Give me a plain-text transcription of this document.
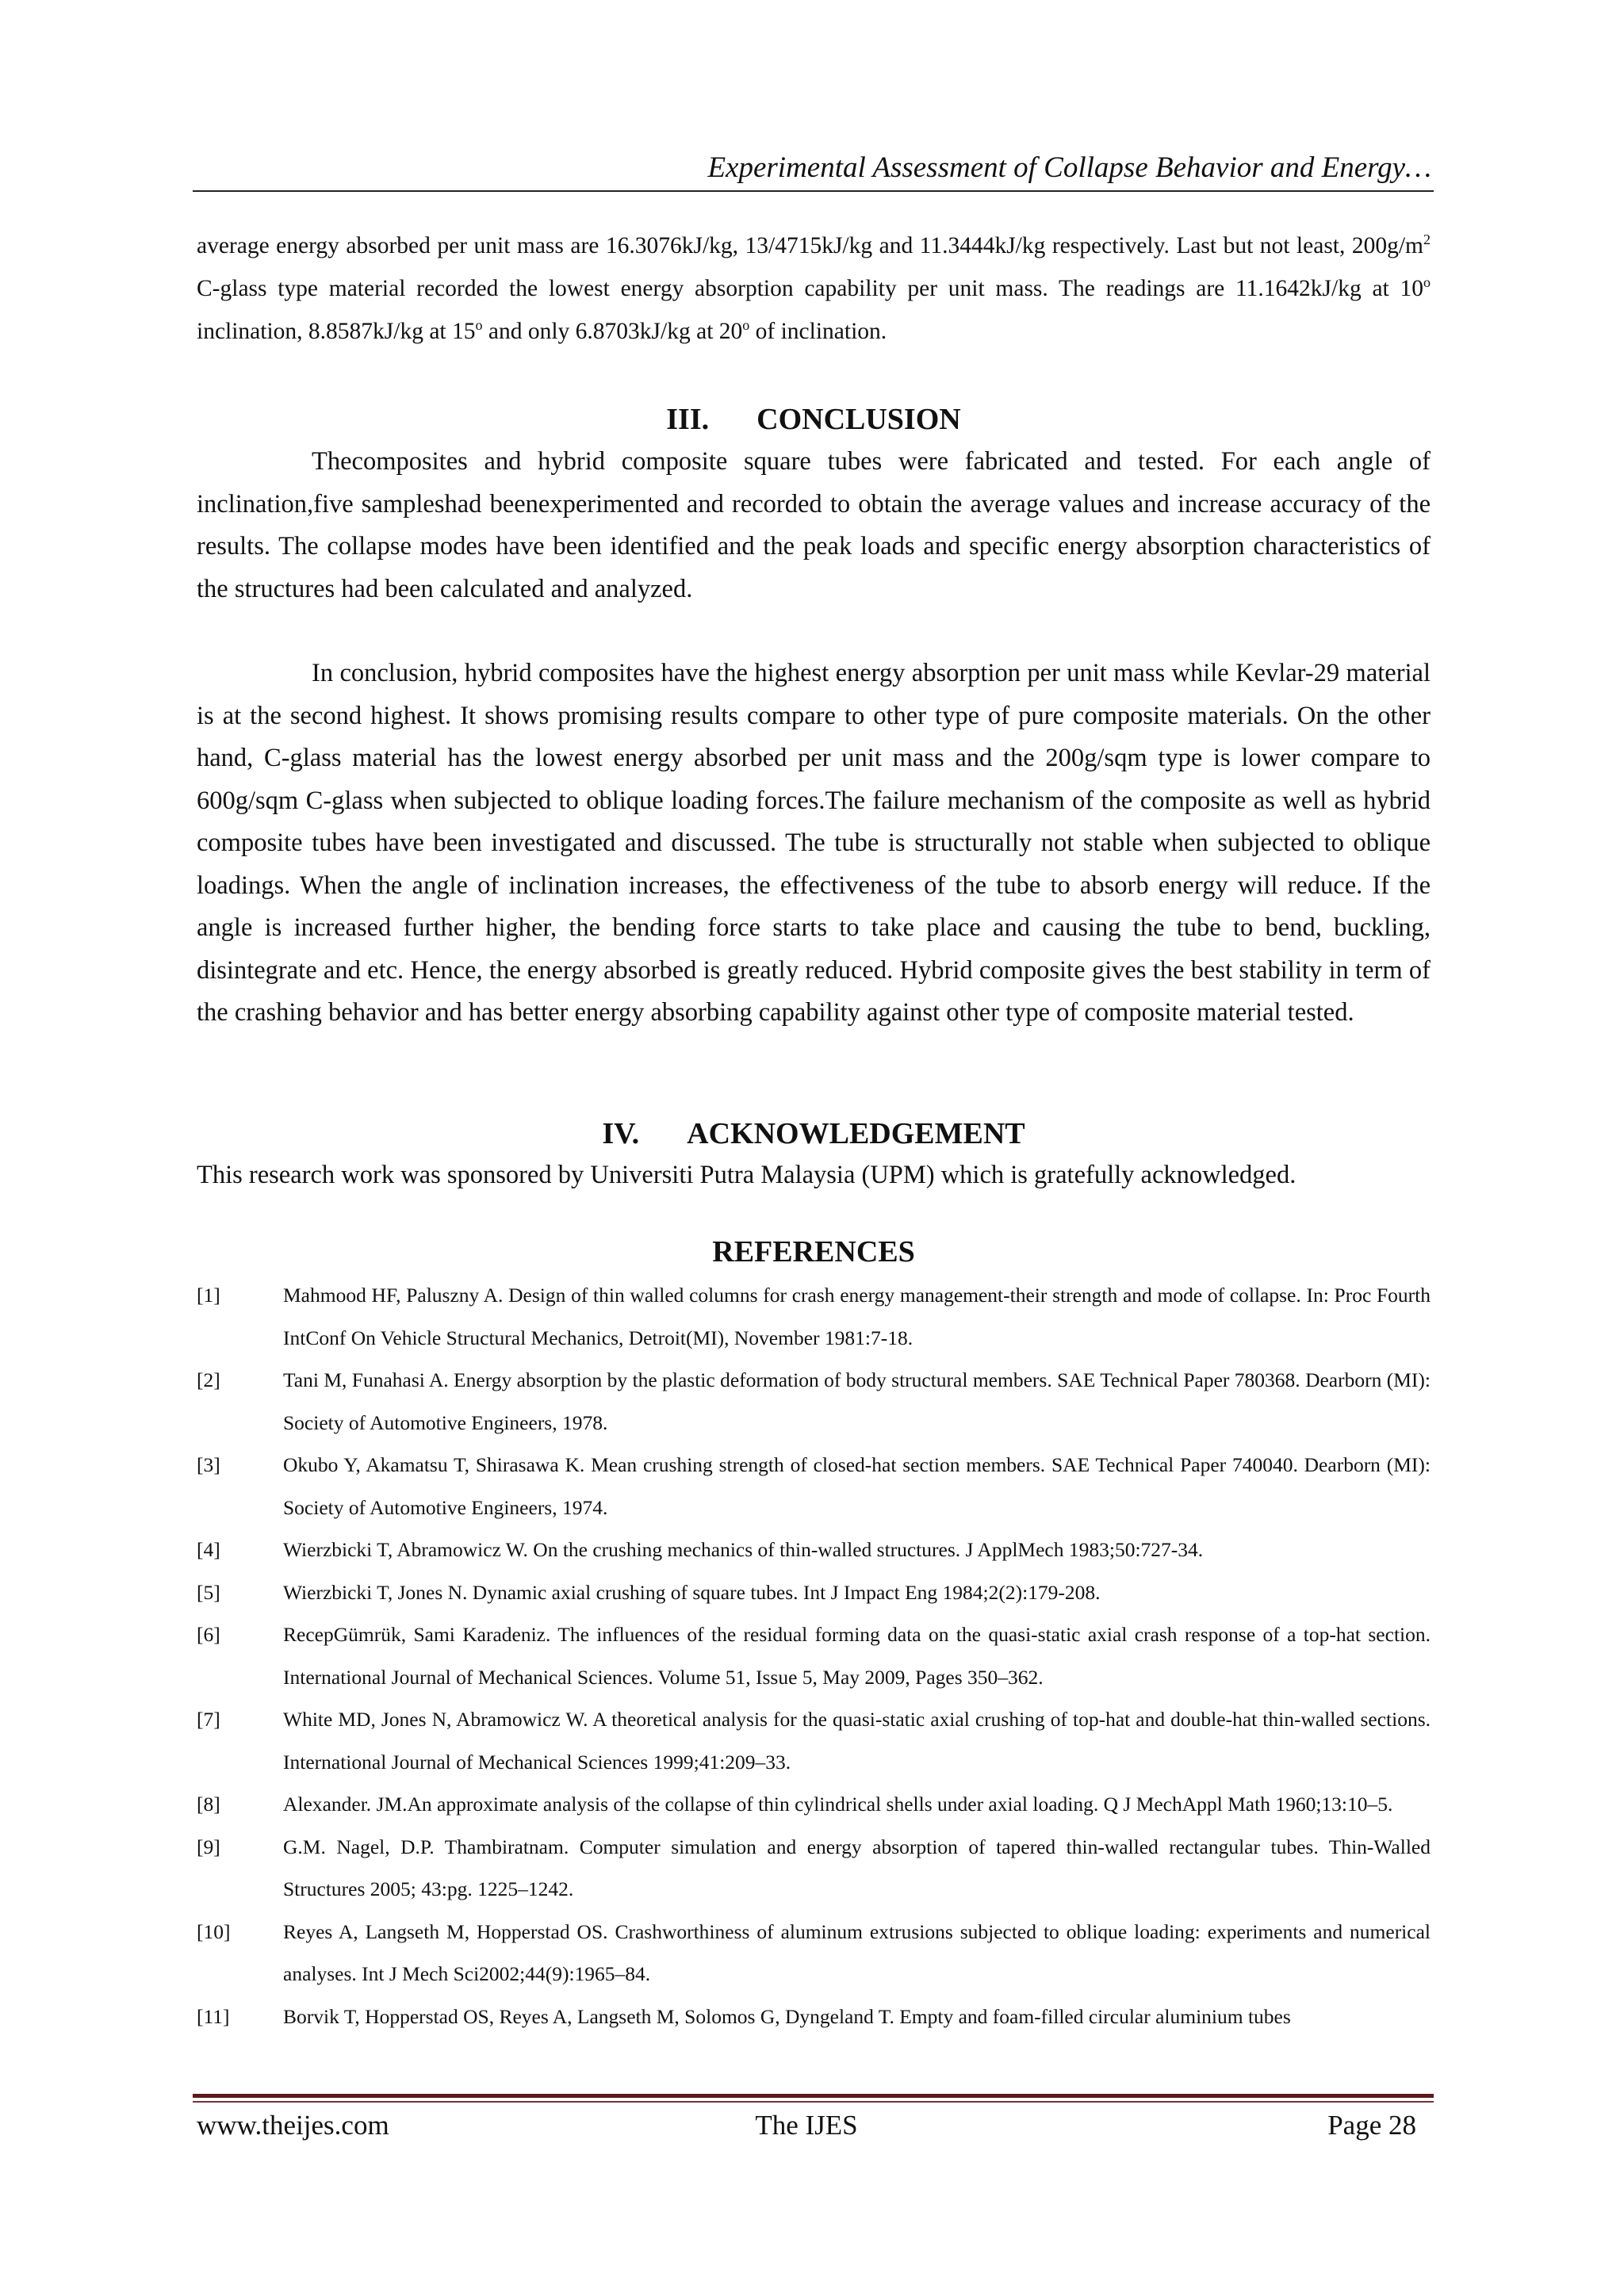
Experimental Assessment of Collapse Behavior and Energy…

average energy absorbed per unit mass are 16.3076kJ/kg, 13/4715kJ/kg and 11.3444kJ/kg respectively. Last but not least, $200g/m^2$ C-glass type material recorded the lowest energy absorption capability per unit mass. The readings are 11.1642kJ/kg at 10$^o$ inclination, 8.8587kJ/kg at 15$^o$ and only 6.8703kJ/kg at 20$^o$ of inclination.

III. CONCLUSION

Thecomposites and hybrid composite square tubes were fabricated and tested. For each angle of inclination,five sampleshad beenexperimented and recorded to obtain the average values and increase accuracy of the results. The collapse modes have been identified and the peak loads and specific energy absorption characteristics of the structures had been calculated and analyzed.

In conclusion, hybrid composites have the highest energy absorption per unit mass while Kevlar-29 material is at the second highest. It shows promising results compare to other type of pure composite materials. On the other hand, C-glass material has the lowest energy absorbed per unit mass and the 200g/sqm type is lower compare to 600g/sqm C-glass when subjected to oblique loading forces.The failure mechanism of the composite as well as hybrid composite tubes have been investigated and discussed. The tube is structurally not stable when subjected to oblique loadings. When the angle of inclination increases, the effectiveness of the tube to absorb energy will reduce. If the angle is increased further higher, the bending force starts to take place and causing the tube to bend, buckling, disintegrate and etc. Hence, the energy absorbed is greatly reduced. Hybrid composite gives the best stability in term of the crashing behavior and has better energy absorbing capability against other type of composite material tested.

IV. ACKNOWLEDGEMENT

This research work was sponsored by Universiti Putra Malaysia (UPM) which is gratefully acknowledged.

REFERENCES
[1]	Mahmood HF, Paluszny A. Design of thin walled columns for crash energy management-their strength and mode of collapse. In: Proc Fourth IntConf On Vehicle Structural Mechanics, Detroit(MI), November 1981:7-18.
[2]	Tani M, Funahasi A. Energy absorption by the plastic deformation of body structural members. SAE Technical Paper 780368. Dearborn (MI): Society of Automotive Engineers, 1978.
[3]	Okubo Y, Akamatsu T, Shirasawa K. Mean crushing strength of closed-hat section members. SAE Technical Paper 740040. Dearborn (MI): Society of Automotive Engineers, 1974.
[4]	Wierzbicki T, Abramowicz W. On the crushing mechanics of thin-walled structures. J ApplMech 1983;50:727-34.
[5]	Wierzbicki T, Jones N. Dynamic axial crushing of square tubes. Int J Impact Eng 1984;2(2):179-208.
[6]	RecepGümrük, Sami Karadeniz. The influences of the residual forming data on the quasi-static axial crash response of a top-hat section. International Journal of Mechanical Sciences. Volume 51, Issue 5, May 2009, Pages 350–362.
[7]	White MD, Jones N, Abramowicz W. A theoretical analysis for the quasi-static axial crushing of top-hat and double-hat thin-walled sections. International Journal of Mechanical Sciences 1999;41:209–33.
[8]	Alexander. JM.An approximate analysis of the collapse of thin cylindrical shells under axial loading. Q J MechAppl Math 1960;13:10–5.
[9]	G.M. Nagel, D.P. Thambiratnam. Computer simulation and energy absorption of tapered thin-walled rectangular tubes. Thin-Walled Structures 2005; 43:pg. 1225–1242.
[10]	Reyes A, Langseth M, Hopperstad OS. Crashworthiness of aluminum extrusions subjected to oblique loading: experiments and numerical analyses. Int J Mech Sci2002;44(9):1965–84.
[11]	Borvik T, Hopperstad OS, Reyes A, Langseth M, Solomos G, Dyngeland T. Empty and foam-filled circular aluminium tubes
www.theijes.com	The IJES	Page 28
